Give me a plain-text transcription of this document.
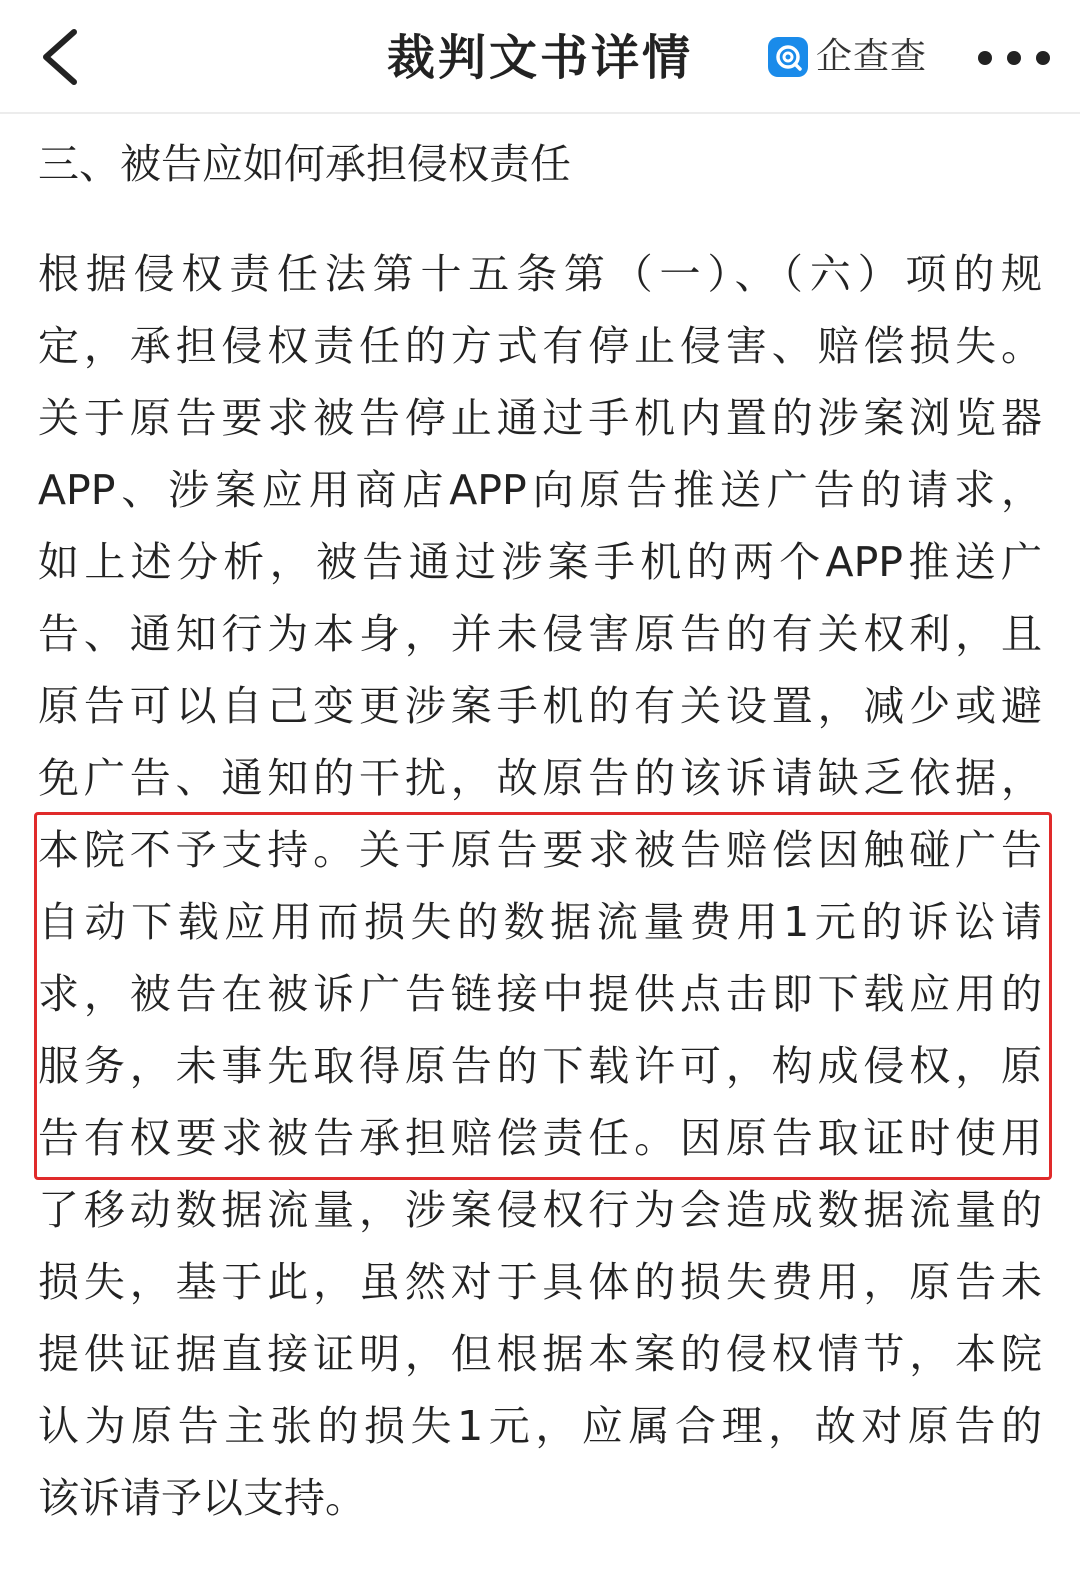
裁判文书详情	企查查
三、被告应如何承担侵权责任
根据侵权责任法第十五条第（一）、（六）项的规
定，承担侵权责任的方式有停止侵害、赔偿损失。
关于原告要求被告停止通过手机内置的涉案浏览器
APP、涉案应用商店APP向原告推送广告的请求，
如上述分析，被告通过涉案手机的两个APP推送广
告、通知行为本身，并未侵害原告的有关权利，且
原告可以自己变更涉案手机的有关设置，减少或避
免广告、通知的干扰，故原告的该诉请缺乏依据，
本院不予支持。关于原告要求被告赔偿因触碰广告
自动下载应用而损失的数据流量费用1元的诉讼请
求，被告在被诉广告链接中提供点击即下载应用的
服务，未事先取得原告的下载许可，构成侵权，原
告有权要求被告承担赔偿责任。因原告取证时使用
了移动数据流量，涉案侵权行为会造成数据流量的
损失，基于此，虽然对于具体的损失费用，原告未
提供证据直接证明，但根据本案的侵权情节，本院
认为原告主张的损失1元，应属合理，故对原告的
该诉请予以支持。
